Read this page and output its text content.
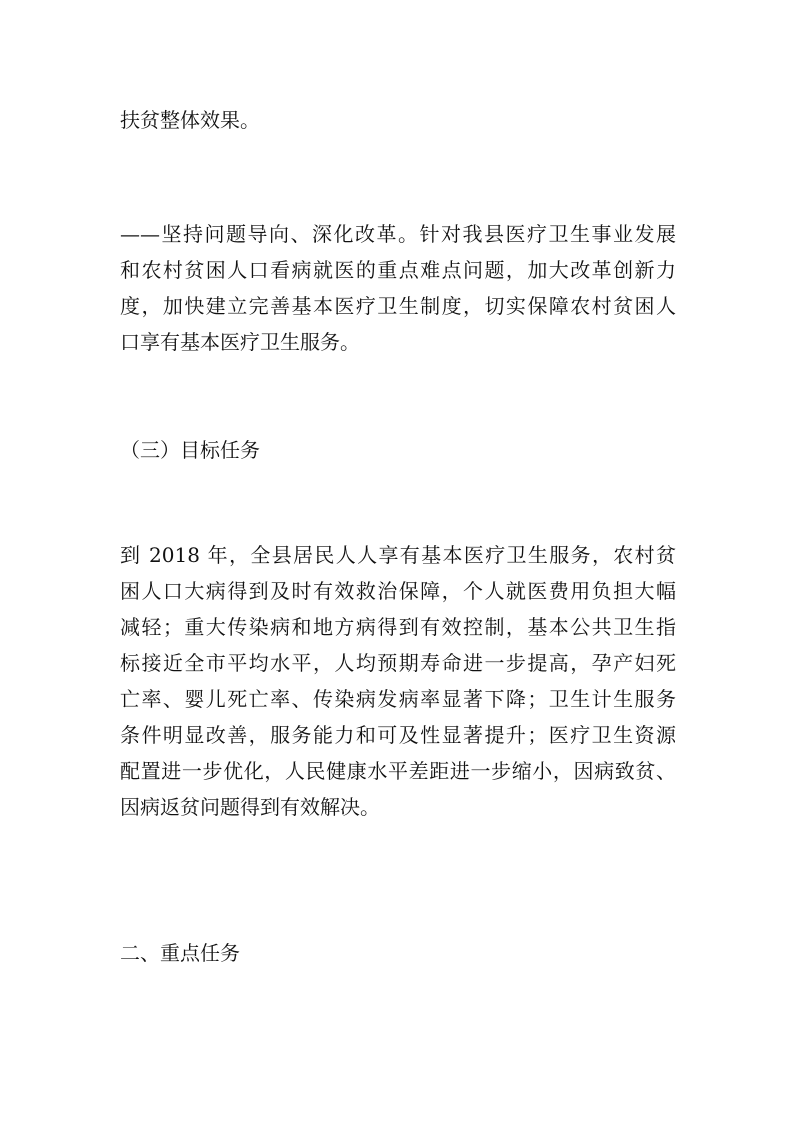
扶贫整体效果。

——坚持问题导向、深化改革。针对我县医疗卫生事业发展
和农村贫困人口看病就医的重点难点问题，加大改革创新力
度，加快建立完善基本医疗卫生制度，切实保障农村贫困人
口享有基本医疗卫生服务。

（三）目标任务

到 2018 年，全县居民人人享有基本医疗卫生服务，农村贫
困人口大病得到及时有效救治保障，个人就医费用负担大幅
减轻；重大传染病和地方病得到有效控制，基本公共卫生指
标接近全市平均水平，人均预期寿命进一步提高，孕产妇死
亡率、婴儿死亡率、传染病发病率显著下降；卫生计生服务
条件明显改善，服务能力和可及性显著提升；医疗卫生资源
配置进一步优化，人民健康水平差距进一步缩小，因病致贫、
因病返贫问题得到有效解决。

二、重点任务
